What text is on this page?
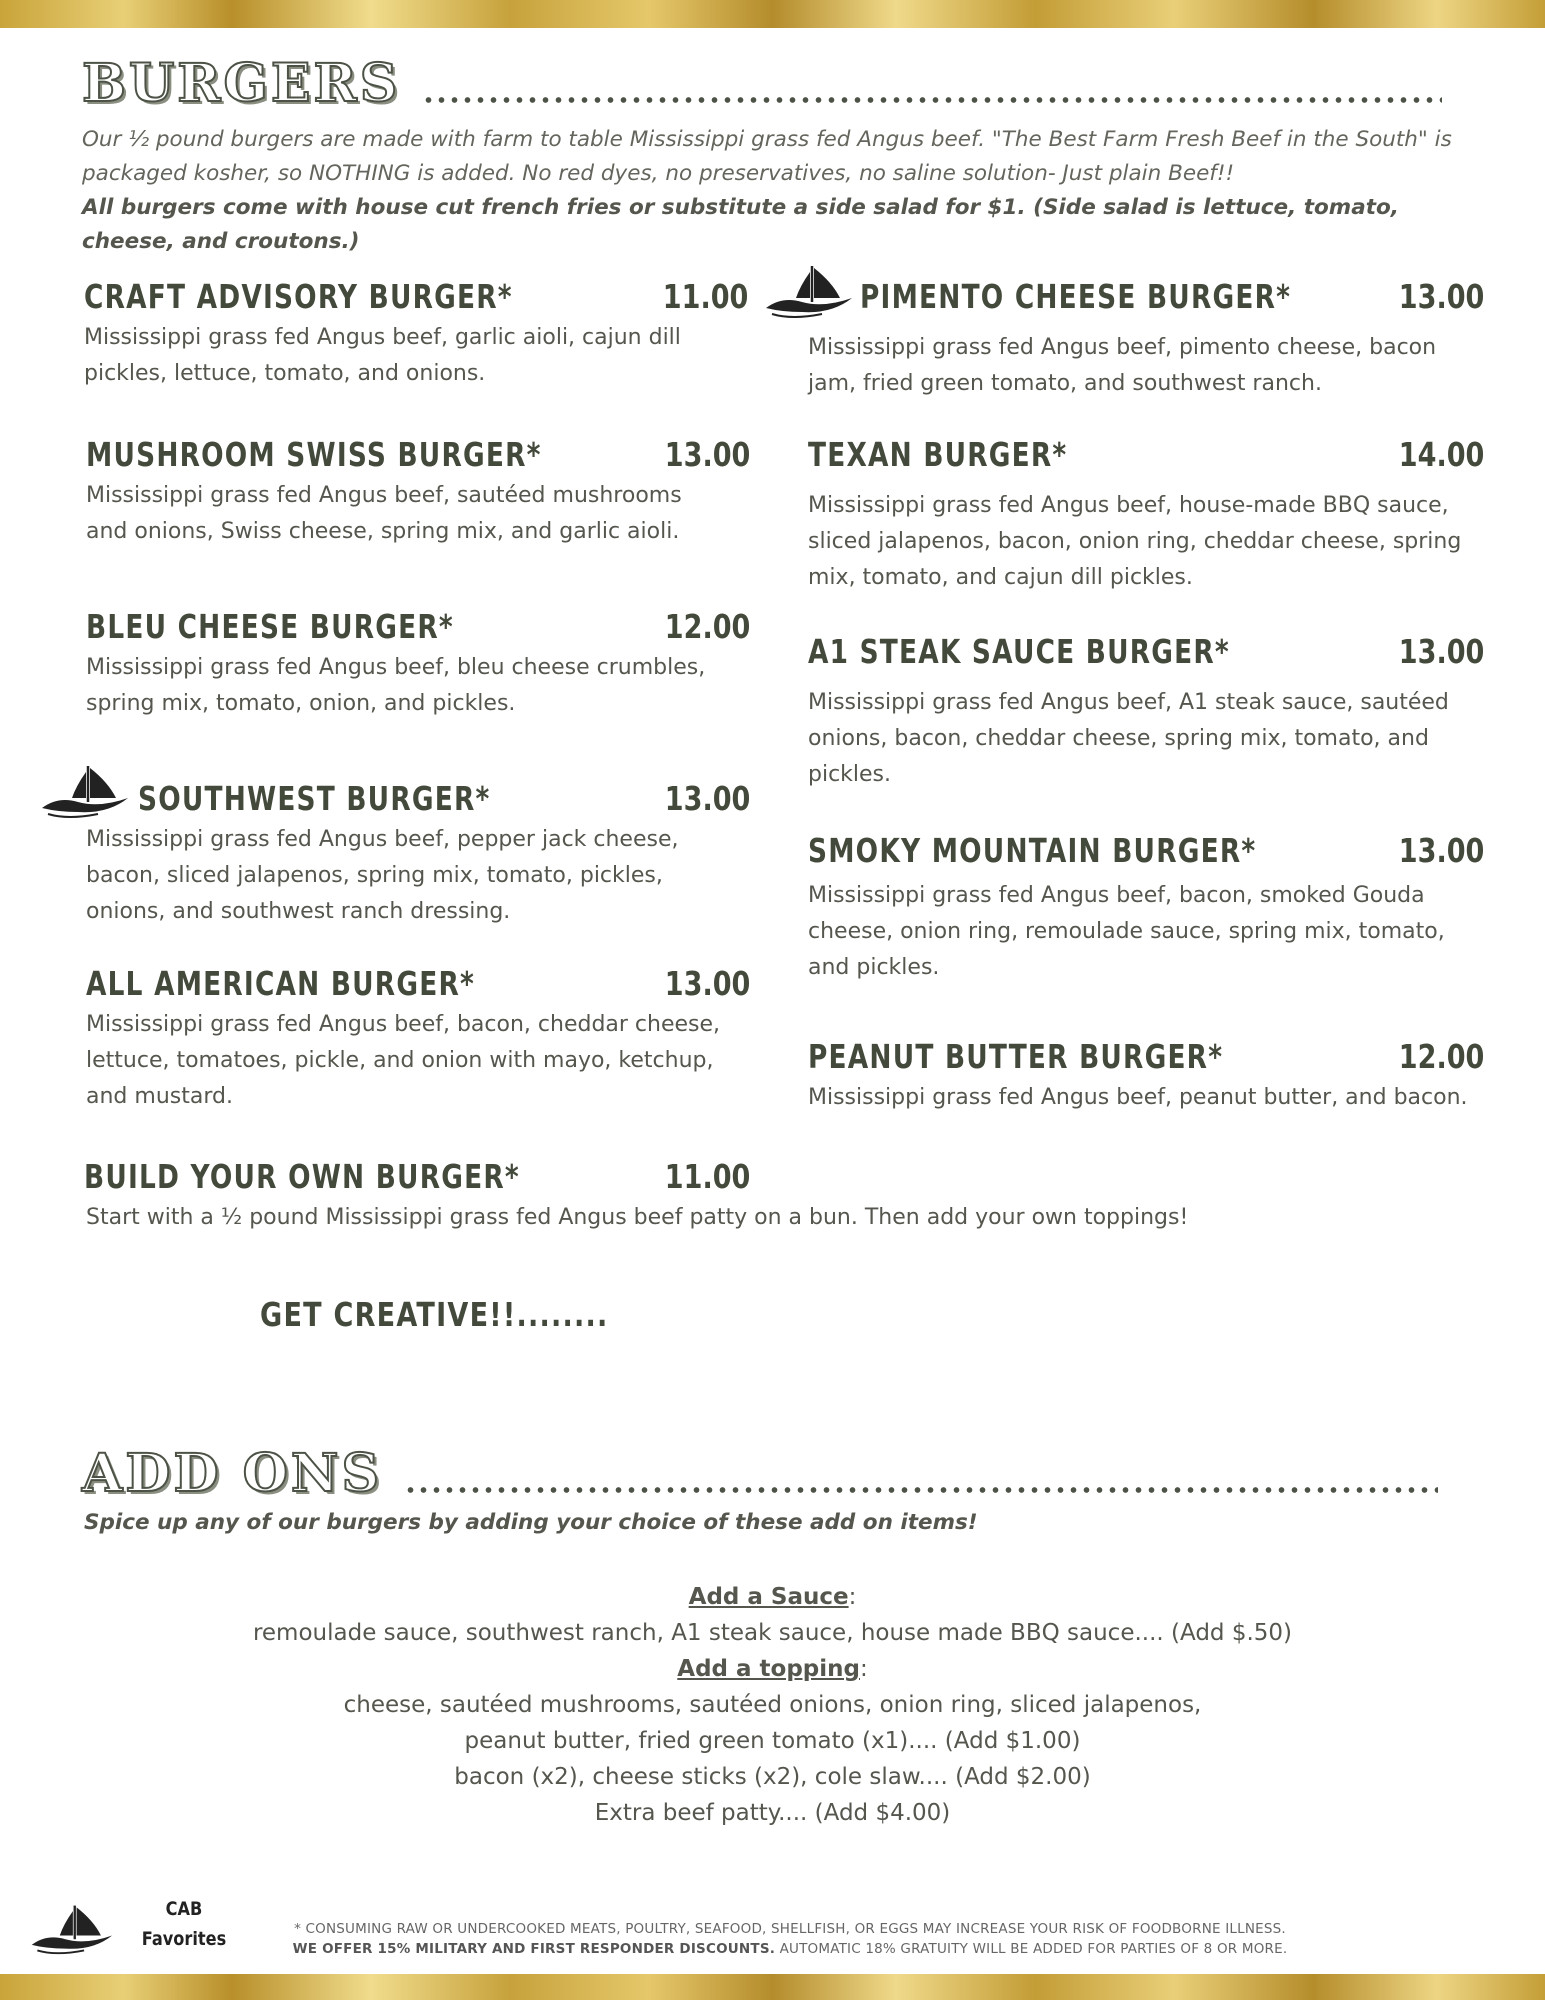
BURGERS
Our ½ pound burgers are made with farm to table Mississippi grass fed Angus beef. "The Best Farm Fresh Beef in the South" is
packaged kosher, so NOTHING is added. No red dyes, no preservatives, no saline solution- Just plain Beef!!
All burgers come with house cut french fries or substitute a side salad for $1. (Side salad is lettuce, tomato, cheese, and croutons.)
CRAFT ADVISORY BURGER*	11.00
Mississippi grass fed Angus beef, garlic aioli, cajun dill pickles, lettuce, tomato, and onions.
MUSHROOM SWISS BURGER*	13.00
Mississippi grass fed Angus beef, sautéed mushrooms and onions, Swiss cheese, spring mix, and garlic aioli.
BLEU CHEESE BURGER*	12.00
Mississippi grass fed Angus beef, bleu cheese crumbles, spring mix, tomato, onion, and pickles.
SOUTHWEST BURGER*	13.00
Mississippi grass fed Angus beef, pepper jack cheese, bacon, sliced jalapenos, spring mix, tomato, pickles, onions, and southwest ranch dressing.
ALL AMERICAN BURGER*	13.00
Mississippi grass fed Angus beef, bacon, cheddar cheese, lettuce, tomatoes, pickle, and onion with mayo, ketchup, and mustard.
BUILD YOUR OWN BURGER*	11.00
Start with a ½ pound Mississippi grass fed Angus beef patty on a bun. Then add your own toppings!
GET CREATIVE!!........
PIMENTO CHEESE BURGER*	13.00
Mississippi grass fed Angus beef, pimento cheese, bacon jam, fried green tomato, and southwest ranch.
TEXAN BURGER*	14.00
Mississippi grass fed Angus beef, house-made BBQ sauce, sliced jalapenos, bacon, onion ring, cheddar cheese, spring mix, tomato, and cajun dill pickles.
A1 STEAK SAUCE BURGER*	13.00
Mississippi grass fed Angus beef, A1 steak sauce, sautéed onions, bacon, cheddar cheese, spring mix, tomato, and pickles.
SMOKY MOUNTAIN BURGER*	13.00
Mississippi grass fed Angus beef, bacon, smoked Gouda cheese, onion ring, remoulade sauce, spring mix, tomato, and pickles.
PEANUT BUTTER BURGER*	12.00
Mississippi grass fed Angus beef, peanut butter, and bacon.
ADD ONS
Spice up any of our burgers by adding your choice of these add on items!
Add a Sauce:
remoulade sauce, southwest ranch, A1 steak sauce, house made BBQ sauce.... (Add $.50)
Add a topping:
cheese, sautéed mushrooms, sautéed onions, onion ring, sliced jalapenos,
peanut butter, fried green tomato (x1).... (Add $1.00)
bacon (x2), cheese sticks (x2), cole slaw.... (Add $2.00)
Extra beef patty.... (Add $4.00)
CAB
Favorites	* CONSUMING RAW OR UNDERCOOKED MEATS, POULTRY, SEAFOOD, SHELLFISH, OR EGGS MAY INCREASE YOUR RISK OF FOODBORNE ILLNESS.
WE OFFER 15% MILITARY AND FIRST RESPONDER DISCOUNTS. AUTOMATIC 18% GRATUITY WILL BE ADDED FOR PARTIES OF 8 OR MORE.
